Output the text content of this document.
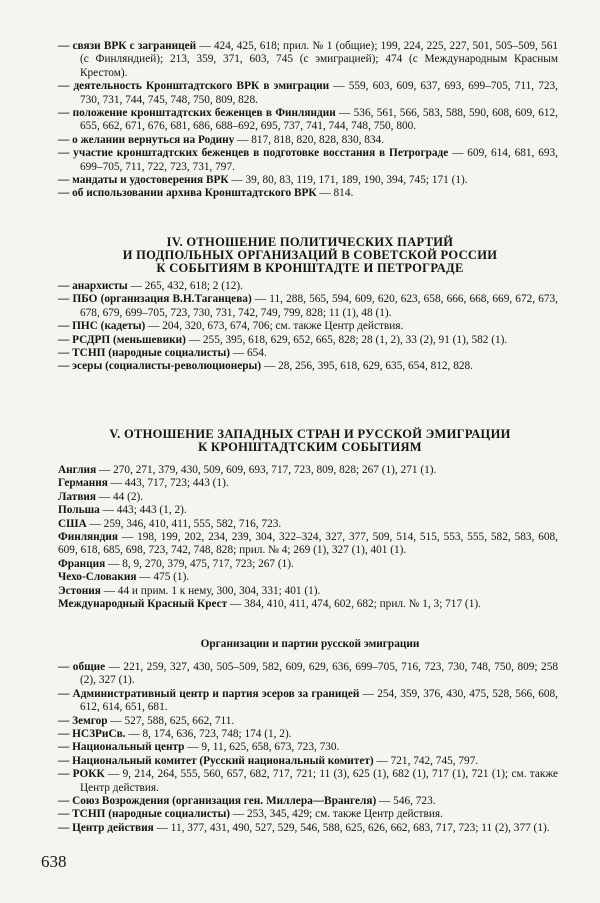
— связи ВРК с заграницей — 424, 425, 618; прил. № 1 (общие); 199, 224, 225, 227, 501, 505–509, 561 (с Финляндией); 213, 359, 371, 603, 745 (с эмиграцией); 474 (с Международным Красным Крестом).
— деятельность Кронштадтского ВРК в эмиграции — 559, 603, 609, 637, 693, 699–705, 711, 723, 730, 731, 744, 745, 748, 750, 809, 828.
— положение кронштадтских беженцев в Финляндии — 536, 561, 566, 583, 588, 590, 608, 609, 612, 655, 662, 671, 676, 681, 686, 688–692, 695, 737, 741, 744, 748, 750, 800.
— о желании вернуться на Родину — 817, 818, 820, 828, 830, 834.
— участие кронштадтских беженцев в подготовке восстания в Петрограде — 609, 614, 681, 693, 699–705, 711, 722, 723, 731, 797.
— мандаты и удостоверения ВРК — 39, 80, 83, 119, 171, 189, 190, 394, 745; 171 (1).
— об использовании архива Кронштадтского ВРК — 814.
IV. ОТНОШЕНИЕ ПОЛИТИЧЕСКИХ ПАРТИЙ
И ПОДПОЛЬНЫХ ОРГАНИЗАЦИЙ В СОВЕТСКОЙ РОССИИ
К СОБЫТИЯМ В КРОНШТАДТЕ И ПЕТРОГРАДЕ
— анархисты — 265, 432, 618; 2 (12).
— ПБО (организация В.Н.Таганцева) — 11, 288, 565, 594, 609, 620, 623, 658, 666, 668, 669, 672, 673, 678, 679, 699–705, 723, 730, 731, 742, 749, 799, 828; 11 (1), 48 (1).
— ПНС (кадеты) — 204, 320, 673, 674, 706; см. также Центр действия.
— РСДРП (меньшевики) — 255, 395, 618, 629, 652, 665, 828; 28 (1, 2), 33 (2), 91 (1), 582 (1).
— ТСНП (народные социалисты) — 654.
— эсеры (социалисты-революционеры) — 28, 256, 395, 618, 629, 635, 654, 812, 828.
V. ОТНОШЕНИЕ ЗАПАДНЫХ СТРАН И РУССКОЙ ЭМИГРАЦИИ
К КРОНШТАДТСКИМ СОБЫТИЯМ
Англия — 270, 271, 379, 430, 509, 609, 693, 717, 723, 809, 828; 267 (1), 271 (1).
Германия — 443, 717, 723; 443 (1).
Латвия — 44 (2).
Польша — 443; 443 (1, 2).
США — 259, 346, 410, 411, 555, 582, 716, 723.
Финляндия — 198, 199, 202, 234, 239, 304, 322–324, 327, 377, 509, 514, 515, 553, 555, 582, 583, 608, 609, 618, 685, 698, 723, 742, 748, 828; прил. № 4; 269 (1), 327 (1), 401 (1).
Франция — 8, 9, 270, 379, 475, 717, 723; 267 (1).
Чехо-Словакия — 475 (1).
Эстония — 44 и прим. 1 к нему, 300, 304, 331; 401 (1).
Международный Красный Крест — 384, 410, 411, 474, 602, 682; прил. № 1, 3; 717 (1).
Организации и партии русской эмиграции
— общие — 221, 259, 327, 430, 505–509, 582, 609, 629, 636, 699–705, 716, 723, 730, 748, 750, 809; 258 (2), 327 (1).
— Административный центр и партия эсеров за границей — 254, 359, 376, 430, 475, 528, 566, 608, 612, 614, 651, 681.
— Земгор — 527, 588, 625, 662, 711.
— НСЗРиСв. — 8, 174, 636, 723, 748; 174 (1, 2).
— Национальный центр — 9, 11, 625, 658, 673, 723, 730.
— Национальный комитет (Русский национальный комитет) — 721, 742, 745, 797.
— РОКК — 9, 214, 264, 555, 560, 657, 682, 717, 721; 11 (3), 625 (1), 682 (1), 717 (1), 721 (1); см. также Центр действия.
— Союз Возрождения (организация ген. Миллера—Врангеля) — 546, 723.
— ТСНП (народные социалисты) — 253, 345, 429; см. также Центр действия.
— Центр действия — 11, 377, 431, 490, 527, 529, 546, 588, 625, 626, 662, 683, 717, 723; 11 (2), 377 (1).
638
